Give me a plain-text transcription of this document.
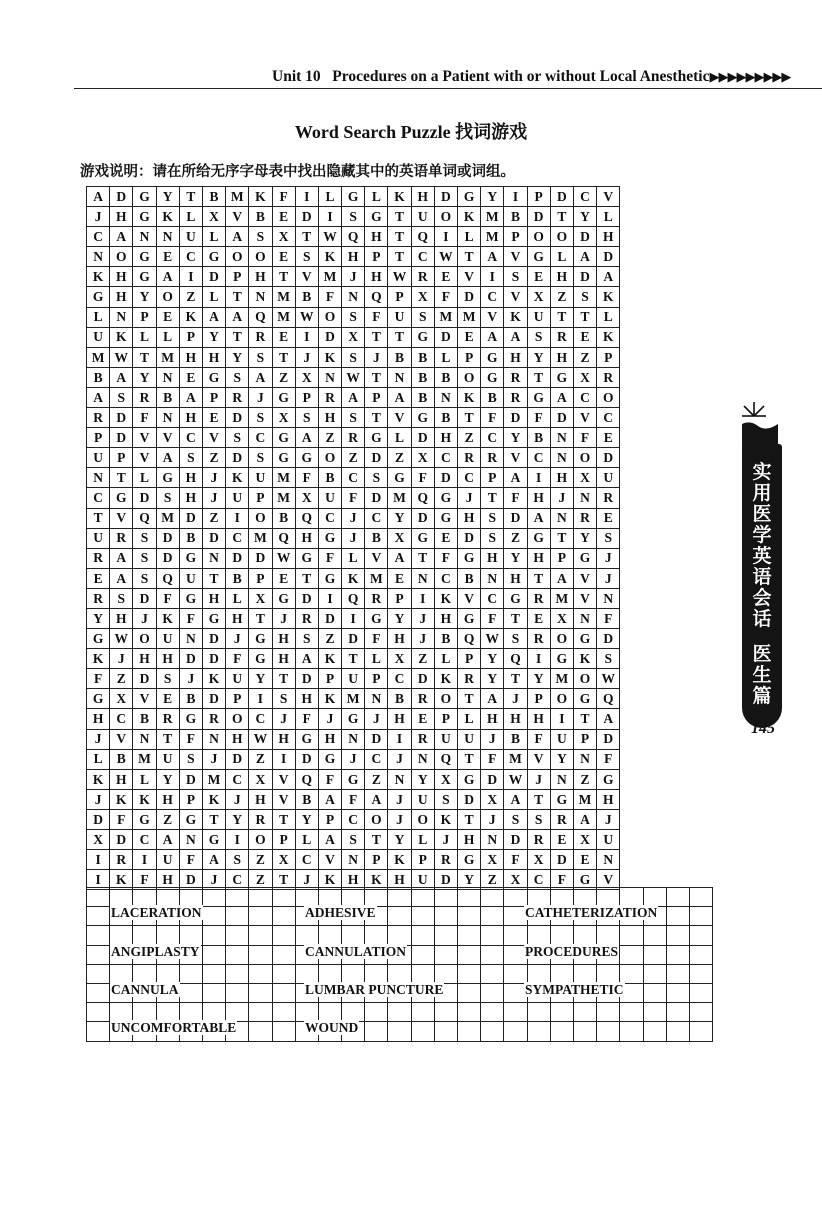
Unit 10 Procedures on a Patient with or without Local Anesthetic▶▶▶▶▶▶▶▶▶
Word Search Puzzle 找词游戏
游戏说明：请在所给无序字母表中找出隐藏其中的英语单词或词组。
A	D	G	Y	T	B	M	K	F	I	L	G	L	K	H	D	G	Y	I	P	D	C	V
J	H	G	K	L	X	V	B	E	D	I	S	G	T	U	O	K	M	B	D	T	Y	L
C	A	N	N	U	L	A	S	X	T	W	Q	H	T	Q	I	L	M	P	O	O	D	H
N	O	G	E	C	G	O	O	E	S	K	H	P	T	C	W	T	A	V	G	L	A	D
K	H	G	A	I	D	P	H	T	V	M	J	H	W	R	E	V	I	S	E	H	D	A
G	H	Y	O	Z	L	T	N	M	B	F	N	Q	P	X	F	D	C	V	X	Z	S	K
L	N	P	E	K	A	A	Q	M	W	O	S	F	U	S	M	M	V	K	U	T	T	L
U	K	L	L	P	Y	T	R	E	I	D	X	T	T	G	D	E	A	A	S	R	E	K
M	W	T	M	H	H	Y	S	T	J	K	S	J	B	B	L	P	G	H	Y	H	Z	P
B	A	Y	N	E	G	S	A	Z	X	N	W	T	N	B	B	O	G	R	T	G	X	R
A	S	R	B	A	P	R	J	G	P	R	A	P	A	B	N	K	B	R	G	A	C	O
R	D	F	N	H	E	D	S	X	S	H	S	T	V	G	B	T	F	D	F	D	V	C
P	D	V	V	C	V	S	C	G	A	Z	R	G	L	D	H	Z	C	Y	B	N	F	E
U	P	V	A	S	Z	D	S	G	G	O	Z	D	Z	X	C	R	R	V	C	N	O	D
N	T	L	G	H	J	K	U	M	F	B	C	S	G	F	D	C	P	A	I	H	X	U
C	G	D	S	H	J	U	P	M	X	U	F	D	M	Q	G	J	T	F	H	J	N	R
T	V	Q	M	D	Z	I	O	B	Q	C	J	C	Y	D	G	H	S	D	A	N	R	E
U	R	S	D	B	D	C	M	Q	H	G	J	B	X	G	E	D	S	Z	G	T	Y	S
R	A	S	D	G	N	D	D	W	G	F	L	V	A	T	F	G	H	Y	H	P	G	J
E	A	S	Q	U	T	B	P	E	T	G	K	M	E	N	C	B	N	H	T	A	V	J
R	S	D	F	G	H	L	X	G	D	I	Q	R	P	I	K	V	C	G	R	M	V	N
Y	H	J	K	F	G	H	T	J	R	D	I	G	Y	J	H	G	F	T	E	X	N	F
G	W	O	U	N	D	J	G	H	S	Z	D	F	H	J	B	Q	W	S	R	O	G	D
K	J	H	H	D	D	F	G	H	A	K	T	L	X	Z	L	P	Y	Q	I	G	K	S
F	Z	D	S	J	K	U	Y	T	D	P	U	P	C	D	K	R	Y	T	Y	M	O	W
G	X	V	E	B	D	P	I	S	H	K	M	N	B	R	O	T	A	J	P	O	G	Q
H	C	B	R	G	R	O	C	J	F	J	G	J	H	E	P	L	H	H	H	I	T	A
J	V	N	T	F	N	H	W	H	G	H	N	D	I	R	U	U	J	B	F	U	P	D
L	B	M	U	S	J	D	Z	I	D	G	J	C	J	N	Q	T	F	M	V	Y	N	F
K	H	L	Y	D	M	C	X	V	Q	F	G	Z	N	Y	X	G	D	W	J	N	Z	G
J	K	K	H	P	K	J	H	V	B	A	F	A	J	U	S	D	X	A	T	G	M	H
D	F	G	Z	G	T	Y	R	T	Y	P	C	O	J	O	K	T	J	S	S	R	A	J
X	D	C	A	N	G	I	O	P	L	A	S	T	Y	L	J	H	N	D	R	E	X	U
I	R	I	U	F	A	S	Z	X	C	V	N	P	K	P	R	G	X	F	X	D	E	N
I	K	F	H	D	J	C	Z	T	J	K	H	K	H	U	D	Y	Z	X	C	F	G	V

LACERATION	ADHESIVE	CATHETERIZATION
ANGIPLASTY	CANNULATION	PROCEDURES
CANNULA	LUMBAR PUNCTURE	SYMPATHETIC
UNCOMFORTABLE	WOUND
实
用
医
学
英
语
会
话
医
生
篇
145
